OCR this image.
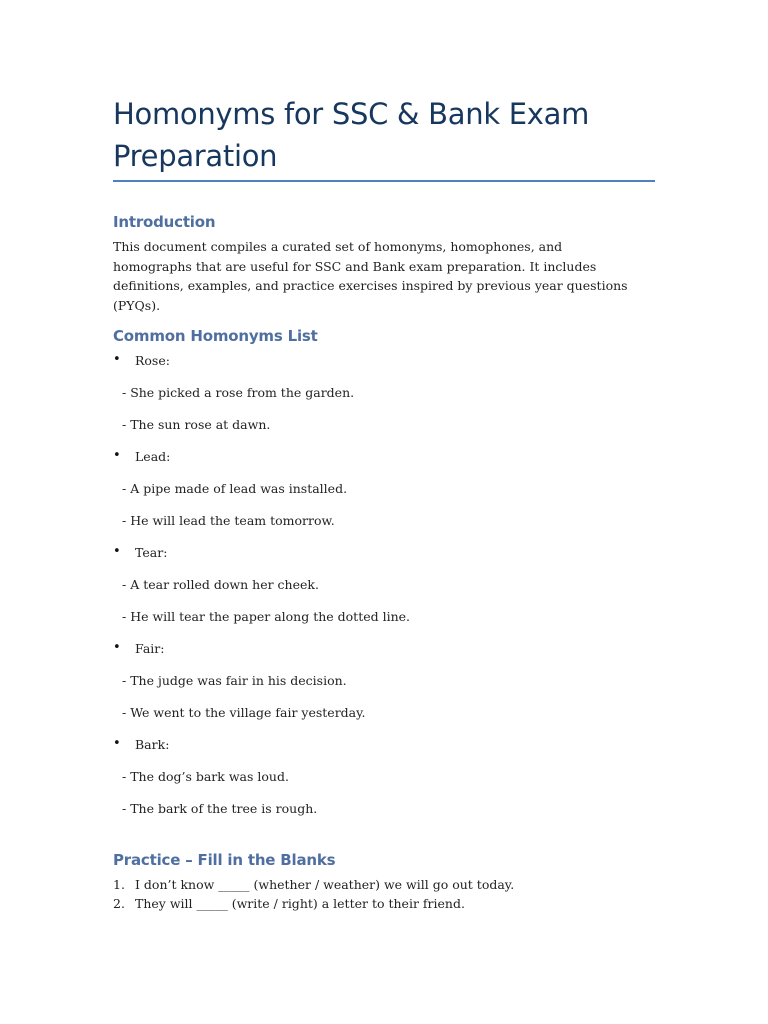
Homonyms for SSC & Bank Exam Preparation
Introduction

This document compiles a curated set of homonyms, homophones, and homographs that are useful for SSC and Bank exam preparation. It includes definitions, examples, and practice exercises inspired by previous year questions (PYQs).

Common Homonyms List
• Rose:
- She picked a rose from the garden.
- The sun rose at dawn.
• Lead:
- A pipe made of lead was installed.
- He will lead the team tomorrow.
• Tear:
- A tear rolled down her cheek.
- He will tear the paper along the dotted line.
• Fair:
- The judge was fair in his decision.
- We went to the village fair yesterday.
• Bark:
- The dog’s bark was loud.
- The bark of the tree is rough.
Practice – Fill in the Blanks
1. I don’t know _____ (whether / weather) we will go out today.
2. They will _____ (write / right) a letter to their friend.
